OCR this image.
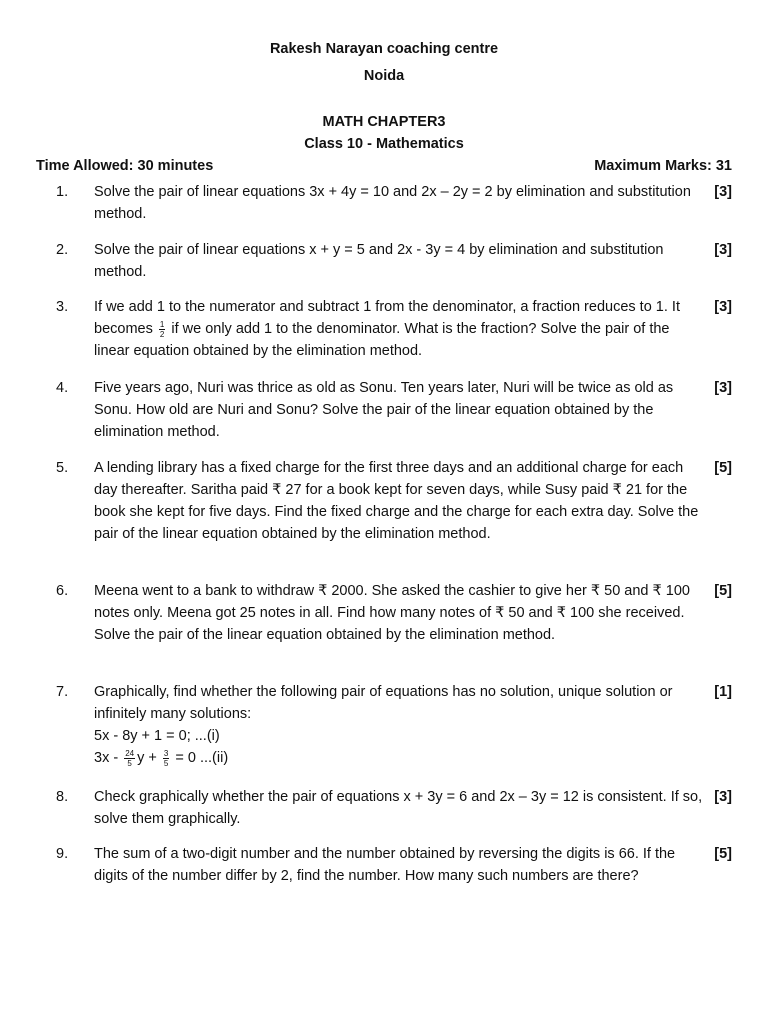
Rakesh Narayan coaching centre
Noida
MATH CHAPTER3
Class 10 - Mathematics
Time Allowed: 30 minutes	Maximum Marks: 31
1. Solve the pair of linear equations 3x + 4y = 10 and 2x – 2y = 2 by elimination and substitution method.
[3]
2. Solve the pair of linear equations x + y = 5 and 2x - 3y = 4 by elimination and substitution method.
[3]
3. If we add 1 to the numerator and subtract 1 from the denominator, a fraction reduces to 1. It becomes $\frac{1}{2}$ if we only add 1 to the denominator. What is the fraction? Solve the pair of the linear equation obtained by the elimination method.
[3]
4. Five years ago, Nuri was thrice as old as Sonu. Ten years later, Nuri will be twice as old as Sonu. How old are Nuri and Sonu? Solve the pair of the linear equation obtained by the elimination method.
[3]
5. A lending library has a fixed charge for the first three days and an additional charge for each day thereafter. Saritha paid ₹ 27 for a book kept for seven days, while Susy paid ₹ 21 for the book she kept for five days. Find the fixed charge and the charge for each extra day. Solve the pair of the linear equation obtained by the elimination method.
[5]
6. Meena went to a bank to withdraw ₹ 2000. She asked the cashier to give her ₹ 50 and ₹ 100 notes only. Meena got 25 notes in all. Find how many notes of ₹ 50 and ₹ 100 she received. Solve the pair of the linear equation obtained by the elimination method.
[5]
7. Graphically, find whether the following pair of equations has no solution, unique solution or infinitely many solutions:

5x - 8y + 1 = 0; ...(i)

$3x - \frac{24}{5}$ $y + \frac{3}{5} = 0$ ...(ii)

[1]
8. Check graphically whether the pair of equations x + 3y = 6 and 2x – 3y = 12 is consistent. If so, solve them graphically.
[3]
9. The sum of a two-digit number and the number obtained by reversing the digits is 66. If the digits of the number differ by 2, find the number. How many such numbers are there?
[5]
